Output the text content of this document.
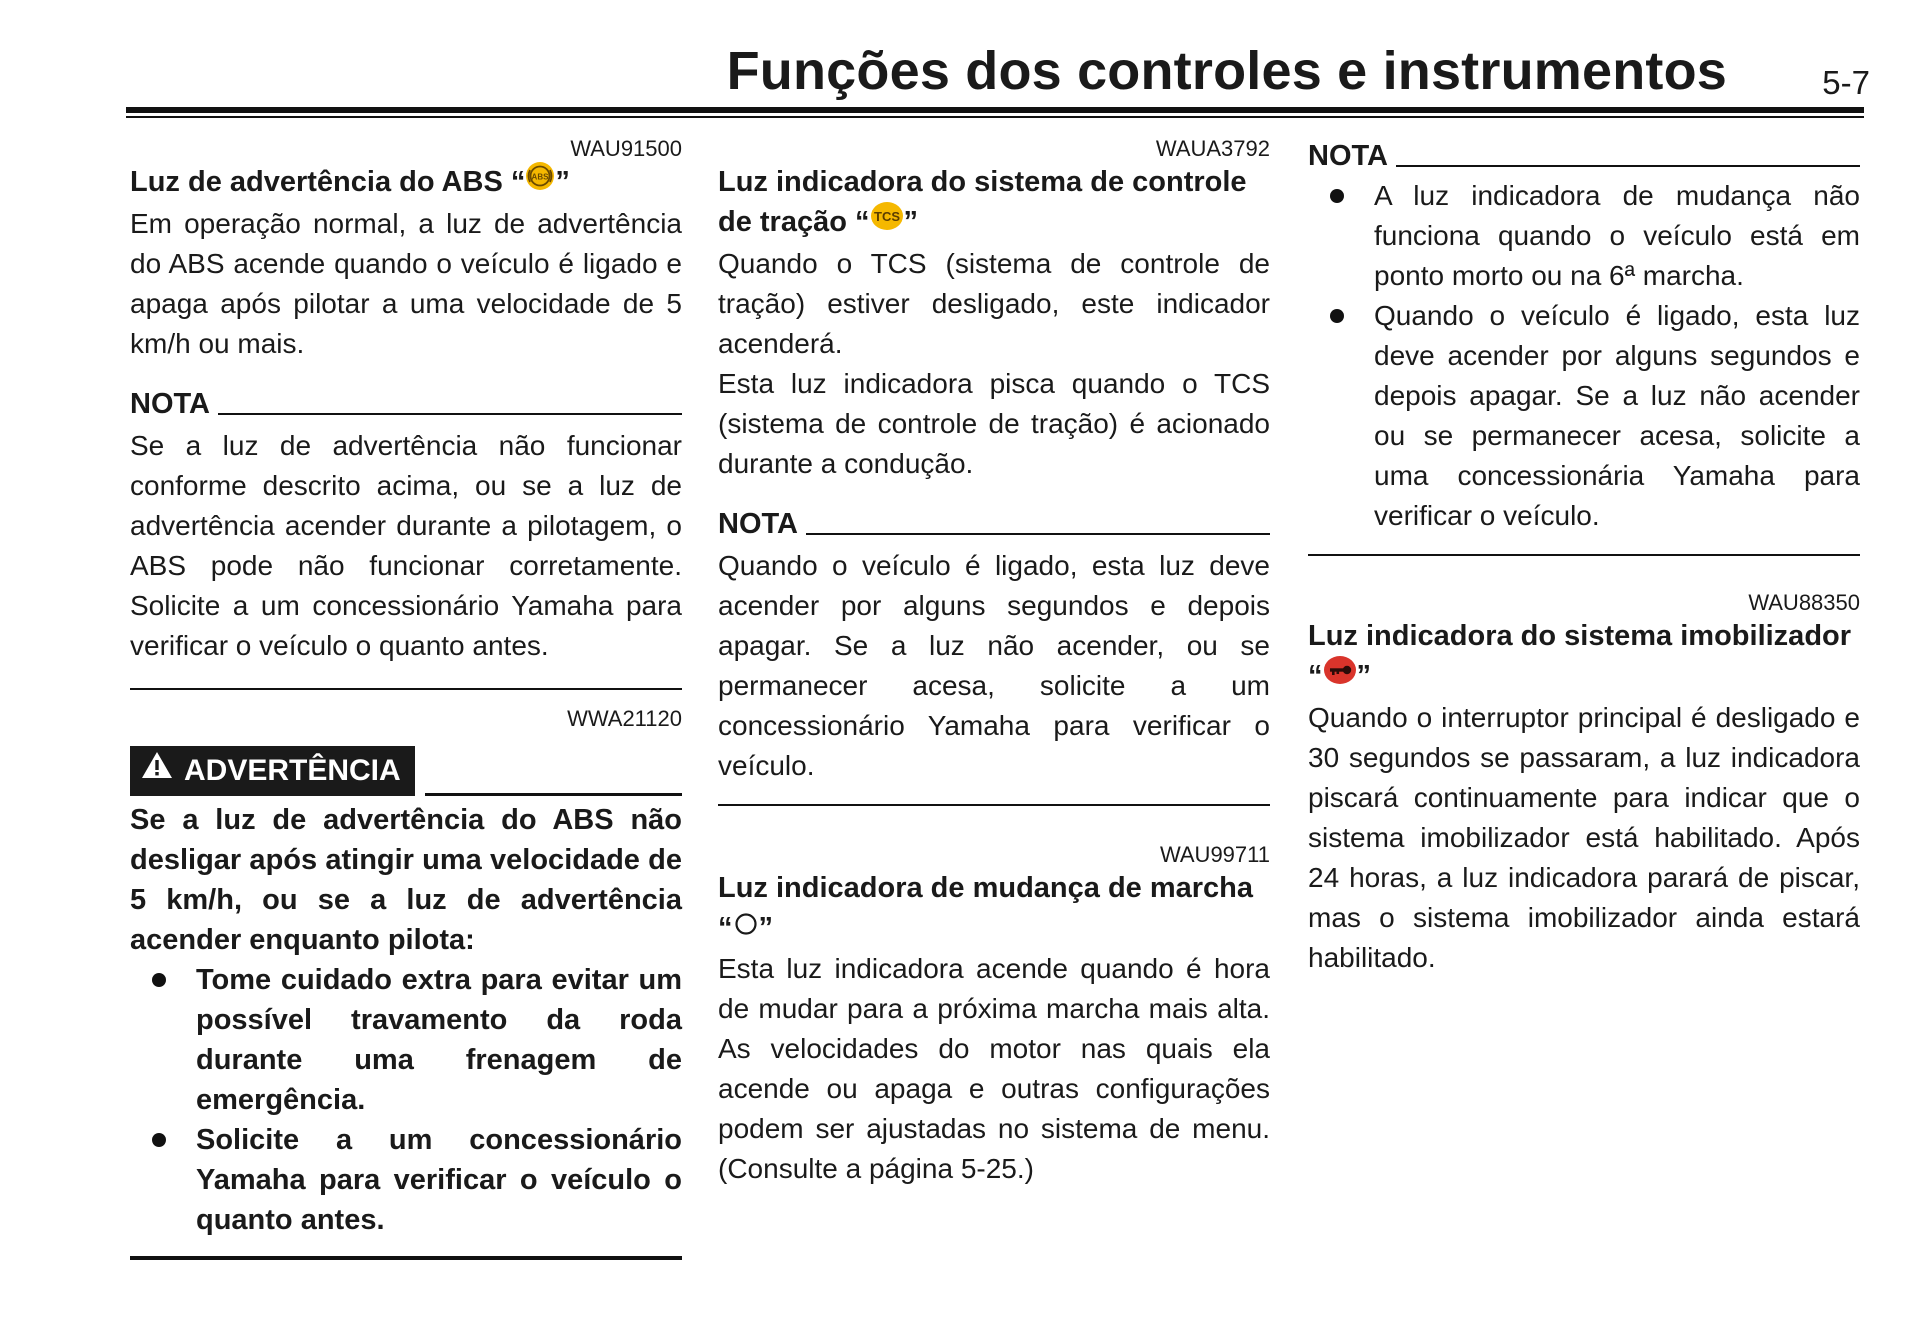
Funções dos controles e instrumentos	5-7
WAU91500
Luz de advertência do ABS “ ABS ”
Em operação normal, a luz de advertência do ABS acende quando o veículo é ligado e apaga após pilotar a uma velocidade de 5 km/h ou mais.
NOTA
Se a luz de advertência não funcionar conforme descrito acima, ou se a luz de advertência acender durante a pilotagem, o ABS pode não funcionar corretamente. Solicite a um concessionário Yamaha para verificar o veículo o quanto antes.
WWA21120
ADVERTÊNCIA
Se a luz de advertência do ABS não desligar após atingir uma velocidade de 5 km/h, ou se a luz de advertência acender enquanto pilota:
Tome cuidado extra para evitar um possível travamento da roda durante uma frenagem de emergência.
Solicite a um concessionário Yamaha para verificar o veículo o quanto antes.
WAUA3792
Luz indicadora do sistema de controle de tração “ TCS ”
Quando o TCS (sistema de controle de tração) estiver desligado, este indicador acenderá.
Esta luz indicadora pisca quando o TCS (sistema de controle de tração) é acionado durante a condução.
NOTA
Quando o veículo é ligado, esta luz deve acender por alguns segundos e depois apagar. Se a luz não acender, ou se permanecer acesa, solicite a um concessionário Yamaha para verificar o veículo.
WAU99711
Luz indicadora de mudança de marcha “ ”
Esta luz indicadora acende quando é hora de mudar para a próxima marcha mais alta. As velocidades do motor nas quais ela acende ou apaga e outras configurações podem ser ajustadas no sistema de menu. (Consulte a página 5-25.)
NOTA
A luz indicadora de mudança não funciona quando o veículo está em ponto morto ou na 6ª marcha.
Quando o veículo é ligado, esta luz deve acender por alguns segundos e depois apagar. Se a luz não acender ou se permanecer acesa, solicite a uma concessionária Yamaha para verificar o veículo.
WAU88350
Luz indicadora do sistema imobilizador “ ”
Quando o interruptor principal é desligado e 30 segundos se passaram, a luz indicadora piscará continuamente para indicar que o sistema imobilizador está habilitado. Após 24 horas, a luz indicadora parará de piscar, mas o sistema imobilizador ainda estará habilitado.
